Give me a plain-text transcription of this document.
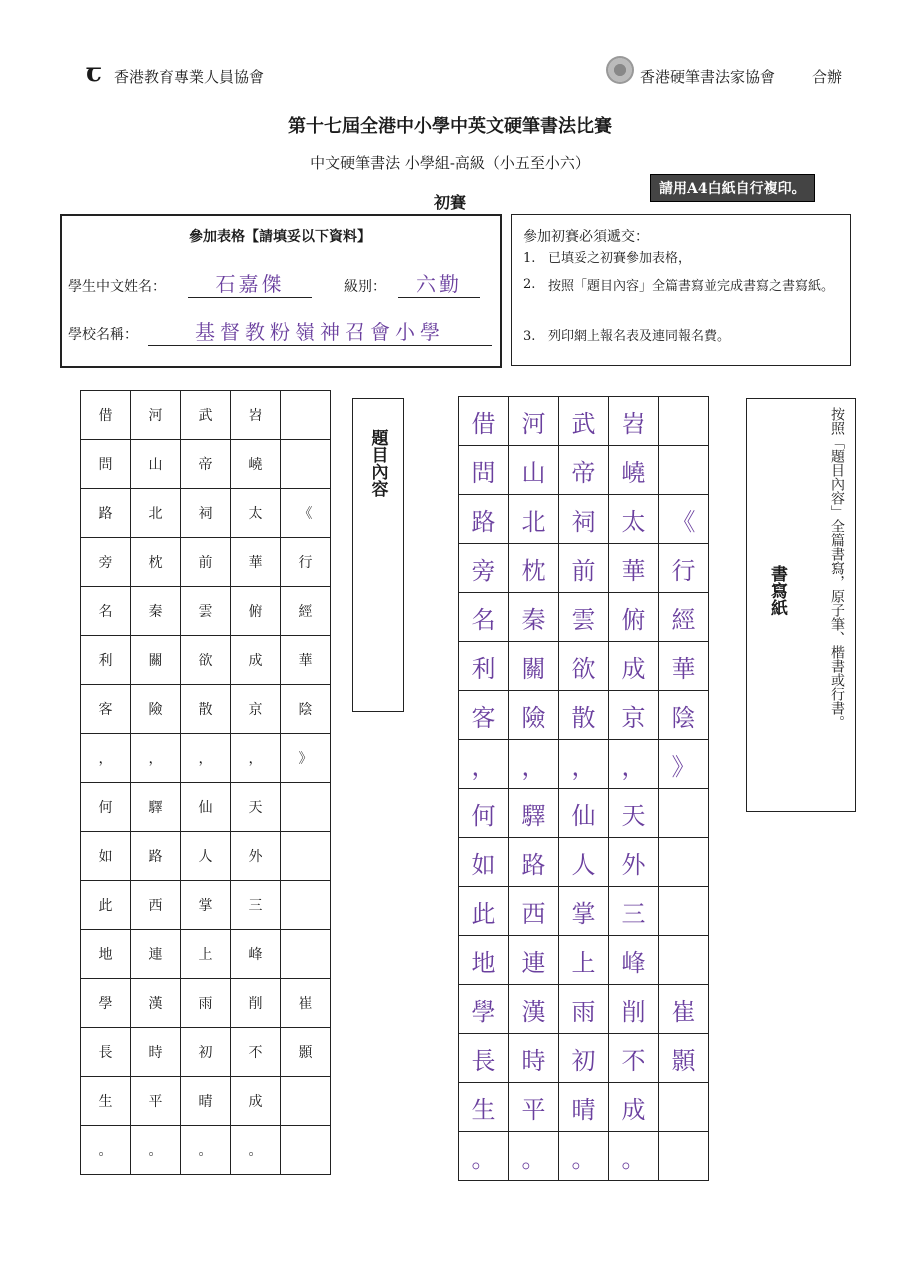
ꞇ 香港教育專業人員協會	香港硬筆書法家協會 合辦
第十七屆全港中小學中英文硬筆書法比賽
中文硬筆書法 小學組-高級（小五至小六）
請用A4白紙自行複印。
初賽
參加表格【請填妥以下資料】
學生中文姓名：	石嘉傑	級別：	六勤
學校名稱：	基督教粉嶺神召會小學
參加初賽必須遞交：
1. 已填妥之初賽參加表格，
2. 按照「題目內容」全篇書寫並完成書寫之書寫紙。
3. 列印網上報名表及連同報名費。
借	河	武	岧	
問	山	帝	嶢	
路	北	祠	太	《
旁	枕	前	華	行
名	秦	雲	俯	經
利	關	欲	成	華
客	險	散	京	陰
，	，	，	，	》
何	驛	仙	天	
如	路	人	外	
此	西	掌	三	
地	連	上	峰	
學	漢	雨	削	崔
長	時	初	不	顥
生	平	晴	成	
。	。	。	。	
題目內容
借	河	武	岧	
問	山	帝	嶢	
路	北	祠	太	《
旁	枕	前	華	行
名	秦	雲	俯	經
利	關	欲	成	華
客	險	散	京	陰
，	，	，	，	》
何	驛	仙	天	
如	路	人	外	
此	西	掌	三	
地	連	上	峰	
學	漢	雨	削	崔
長	時	初	不	顥
生	平	晴	成	
。	。	。	。	
按照「題目內容」全篇書寫，原子筆、楷書或行書。
書寫紙
